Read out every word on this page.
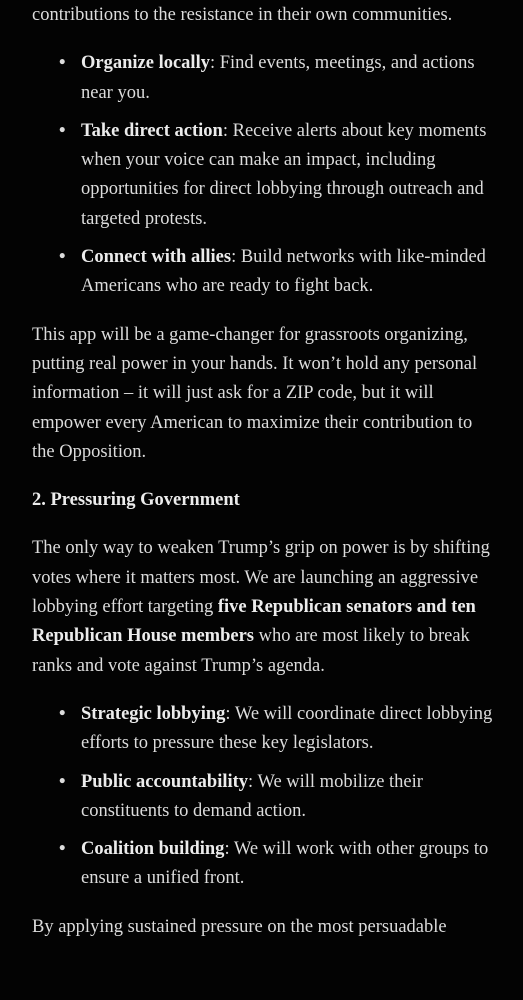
contributions to the resistance in their own communities.

• Organize locally: Find events, meetings, and actions near you.
• Take direct action: Receive alerts about key moments when your voice can make an impact, including opportunities for direct lobbying through outreach and targeted protests.
• Connect with allies: Build networks with like-minded Americans who are ready to fight back.

This app will be a game-changer for grassroots organizing, putting real power in your hands. It won’t hold any personal information – it will just ask for a ZIP code, but it will empower every American to maximize their contribution to the Opposition.

2. Pressuring Government

The only way to weaken Trump’s grip on power is by shifting votes where it matters most. We are launching an aggressive lobbying effort targeting five Republican senators and ten Republican House members who are most likely to break ranks and vote against Trump’s agenda.

• Strategic lobbying: We will coordinate direct lobbying efforts to pressure these key legislators.
• Public accountability: We will mobilize their constituents to demand action.
• Coalition building: We will work with other groups to ensure a unified front.

By applying sustained pressure on the most persuadable
